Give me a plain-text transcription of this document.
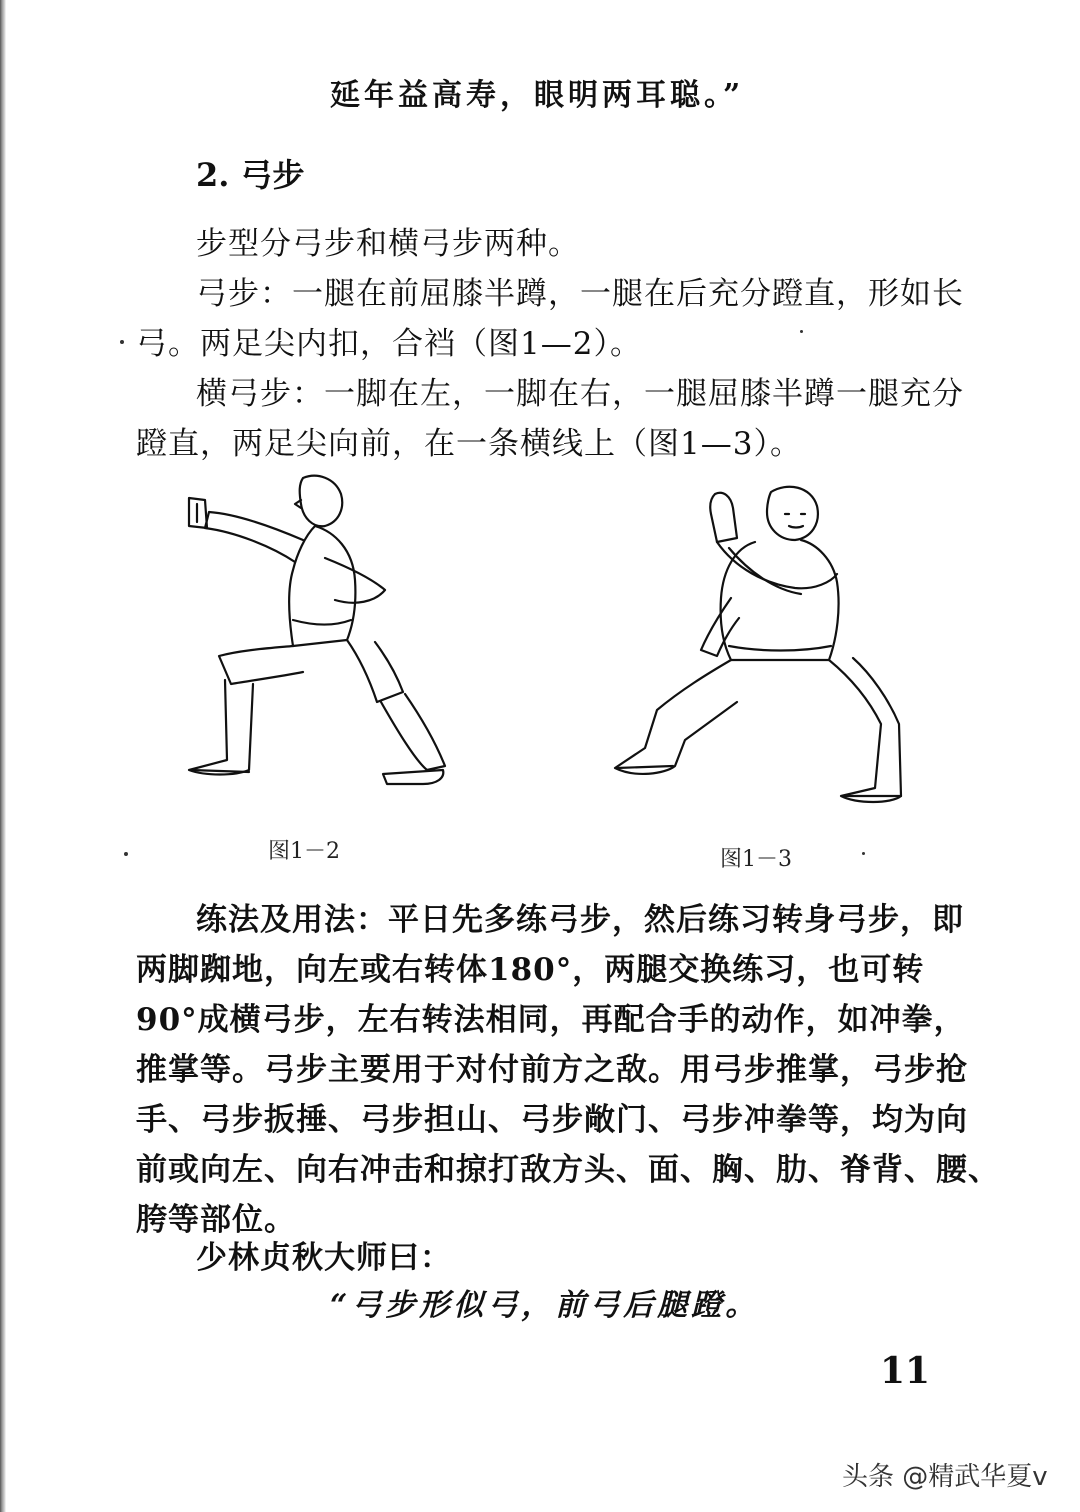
延年益高寿，眼明两耳聪。”
2. 弓步
步型分弓步和横弓步两种。
弓步：一腿在前屈膝半蹲，一腿在后充分蹬直，形如长
弓。两足尖内扣，合裆（图1—2）。
横弓步：一脚在左，一脚在右，一腿屈膝半蹲一腿充分
蹬直，两足尖向前，在一条横线上（图1—3）。
图1－2	图1－3
练法及用法：平日先多练弓步，然后练习转身弓步，即
两脚踟地，向左或右转体180°，两腿交换练习，也可转
90°成横弓步，左右转法相同，再配合手的动作，如冲拳，
推掌等。弓步主要用于对付前方之敌。用弓步推掌，弓步抢
手、弓步扳捶、弓步担山、弓步敞门、弓步冲拳等，均为向
前或向左、向右冲击和掠打敌方头、面、胸、肋、脊背、腰、
胯等部位。
少林贞秋大师曰：
“弓步形似弓，前弓后腿蹬。
11
头条 @精武华夏v
